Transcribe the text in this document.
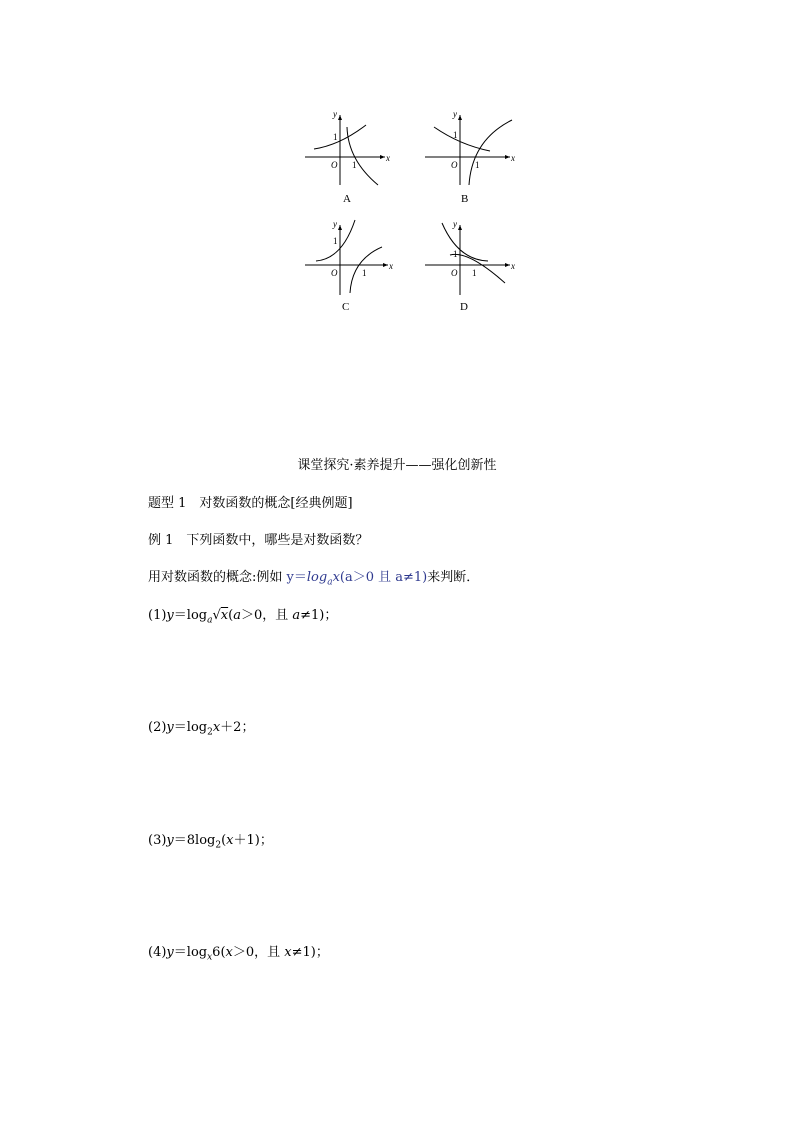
y
x
O
1
1
A
y
x
O
1
1
B
y
x
O
1
1
C
y
x
O
1
1
D
课堂探究·素养提升——强化创新性
题型 1　对数函数的概念[经典例题]
例 1　下列函数中，哪些是对数函数？
用对数函数的概念:例如 $y=\log_ax(a>0$ 且 a≠1)来判断．
$(1)y=\log_a√x(a>0$，且 a≠1)；
$(2)y=\log_2x+2$；
$(3)y=8\log_2(x+1)$；
$(4)y=\log_x6(x>0$，且 x≠1)；
